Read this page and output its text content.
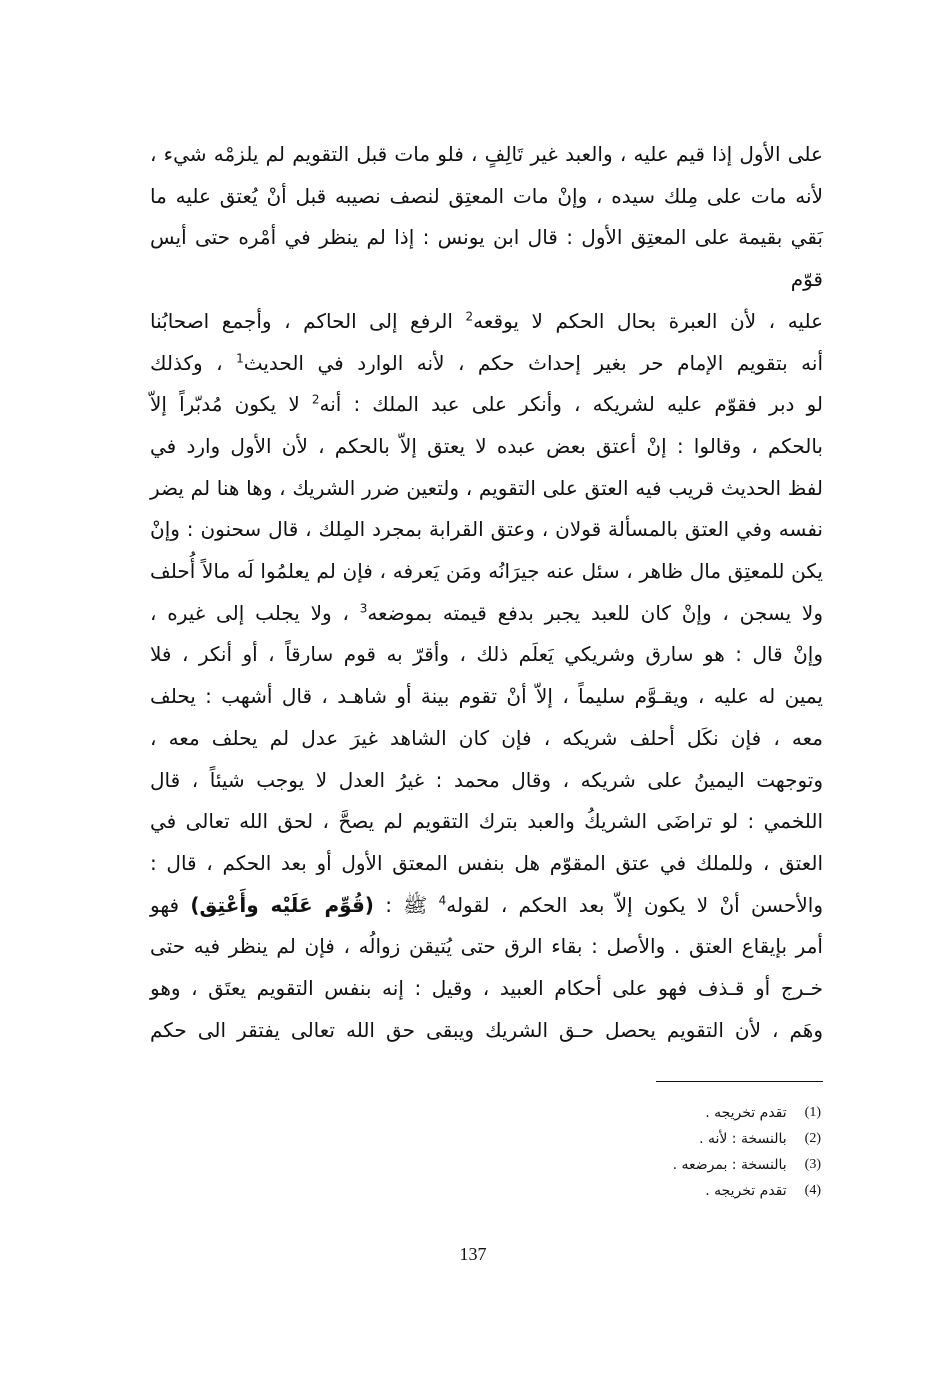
على الأول إذا قيم عليه ، والعبد غير تَالِفٍ ، فلو مات قبل التقويم لم يلزمْه شيء ،
لأنه مات على مِلك سيده ، وإنْ مات المعتِق لنصف نصيبه قبل أنْ يُعتق عليه ما
بَقي بقيمة على المعتِق الأول : قال ابن يونس : إذا لم ينظر في أمْره حتى أيس قوّم
عليه ، لأن العبرة بحال الحكم لا يوقعه$^2$ الرفع إلى الحاكم ، وأجمع اصحابُنا
أنه بتقويم الإمام حر بغير إحداث حكم ، لأنه الوارد في الحديث$^1$ ، وكذلك
لو دبر فقوّم عليه لشريكه ، وأنكر على عبد الملك : أنه$^2$ لا يكون مُدبّراً إلاّ
بالحكم ، وقالوا : إنْ أعتق بعض عبده لا يعتق إلاّ بالحكم ، لأن الأول وارد في
لفظ الحديث قريب فيه العتق على التقويم ، ولتعين ضرر الشريك ، وها هنا لم يضر
نفسه وفي العتق بالمسألة قولان ، وعتق القرابة بمجرد المِلك ، قال سحنون : وإنْ
يكن للمعتِق مال ظاهر ، سئل عنه جيرَانُه ومَن يَعرفه ، فإن لم يعلمُوا لَه مالاً أُحلف
ولا يسجن ، وإنْ كان للعبد يجبر بدفع قيمته بموضعه$^3$ ، ولا يجلب إلى غيره ،
وإنْ قال : هو سارق وشريكي يَعلَم ذلك ، وأقرّ به قوم سارقاً ، أو أنكر ، فلا
يمين له عليه ، ويقـوَّم سليماً ، إلاّ أنْ تقوم بينة أو شاهـد ، قال أشهب : يحلف
معه ، فإن نكَل أحلف شريكه ، فإن كان الشاهد غيرَ عدل لم يحلف معه ،
وتوجهت اليمينُ على شريكه ، وقال محمد : غيرُ العدل لا يوجب شيئاً ، قال
اللخمي : لو تراضَى الشريكُ والعبد بترك التقويم لم يصحَّ ، لحق الله تعالى في
العتق ، وللملك في عتق المقوّم هل بنفس المعتق الأول أو بعد الحكم ، قال :
والأحسن أنْ لا يكون إلاّ بعد الحكم ، لقوله$^4$ ﷺ : (قُوِّم عَلَيْه وأَعْتِق) فهو
أمر بإيقاع العتق . والأصل : بقاء الرق حتى يُتيقن زوالُه ، فإن لم ينظر فيه حتى
خـرج أو قـذف فهو على أحكام العبيد ، وقيل : إنه بنفس التقويم يعتَق ، وهو
وهَم ، لأن التقويم يحصل حـق الشريك ويبقى حق الله تعالى يفتقر الى حكم
(1)
تقدم تخريجه .
(2)
بالنسخة : لأنه .
(3)
بالنسخة : بمرضعه .
(4)
تقدم تخريجه .
137
